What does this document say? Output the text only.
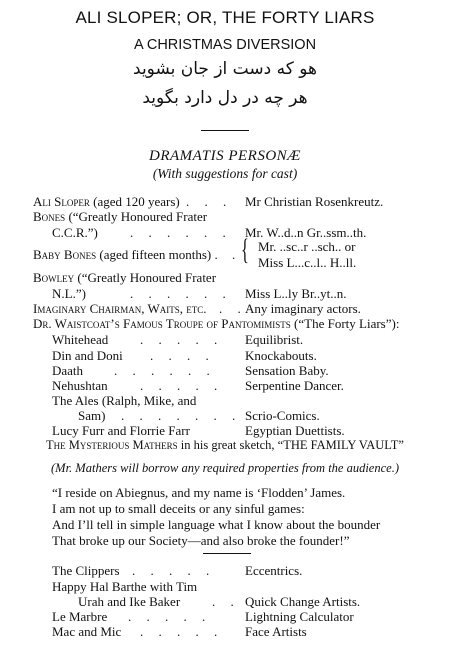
ALI SLOPER; OR, THE FORTY LIARS
A CHRISTMAS DIVERSION
هو که دست از جان بشوید
هر چه در دل دارد بگوید
DRAMATIS PERSONÆ
(With suggestions for cast)
Ali Sloper (aged 120 years) . . . Mr Christian Rosenkreutz.
Bones (“Greatly Honoured Frater
C.C.R.”) . . . . . . Mr. W..d..n Gr..ssm..th.
Baby Bones (aged fifteen months) . . { Mr. ..sc..r ..sch.. or
Miss L...c..l.. H..ll.
Bowley (“Greatly Honoured Frater
N.L.”)	. . . . . . Miss L..ly Br..yt..n.
Imaginary Chairman, Waits, etc. . .
Any imaginary actors.
Dr. Waistcoat’s Famous Troupe of Pantomimists (“The Forty Liars”):
Whitehead . . . . . Equilibrist.
Din and Doni . . . . Knockabouts.
Daath . . . . . . Sensation Baby.
Nehushtan . . . . . Serpentine Dancer.
The Ales (Ralph, Mike, and
Sam) . . . . . . . Scrio-Comics.
Lucy Furr and Florrie Farr	Egyptian Duettists.
The Mysterious Mathers in his great sketch, “THE FAMILY VAULT”
(Mr. Mathers will borrow any required properties from the audience.)
“I reside on Abiegnus, and my name is ‘Flodden’ James.
I am not up to small deceits or any sinful games:
And I’ll tell in simple language what I know about the bounder
That broke up our Society—and also broke the founder!”
The Clippers . . . . . Eccentrics.
Happy Hal Barthe with Tim
Urah and Ike Baker . . Quick Change Artists.
Le Marbre . . . . .	Lightning Calculator
Mac and Mic . . . . . Face Artists
